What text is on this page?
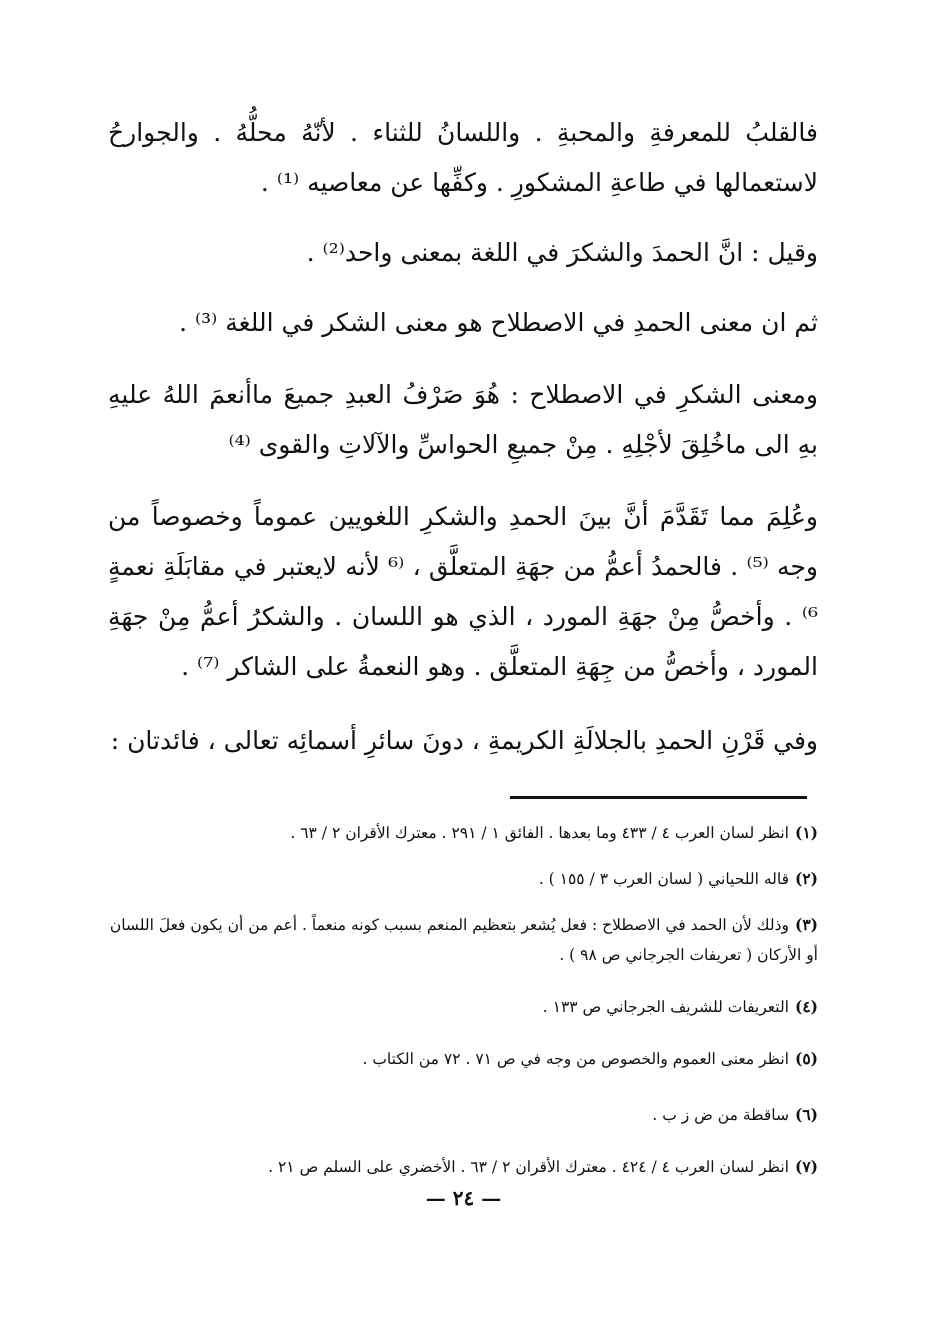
فالقلبُ للمعرفةِ والمحبةِ . واللسانُ للثناء . لأنّهُ محلُّهُ . والجوارحُ لاستعمالها في طاعةِ المشكورِ . وكفِّها عن معاصيه ⁽¹⁾ .

وقيل : انَّ الحمدَ والشكرَ في اللغة بمعنى واحد⁽²⁾ .

ثم ان معنى الحمدِ في الاصطلاح هو معنى الشكر في اللغة ⁽³⁾ .

ومعنى الشكرِ في الاصطلاح : هُوَ صَرْفُ العبدِ جميعَ ماأنعمَ اللهُ عليهِ بهِ الى ماخُلِقَ لأجْلِهِ . مِنْ جميعِ الحواسِّ والآلاتِ والقوى ⁽⁴⁾

وعُلِمَ مما تَقَدَّمَ أنَّ بينَ الحمدِ والشكرِ اللغويين عموماً وخصوصاً من وجه ⁽⁵⁾ . فالحمدُ أعمُّ من جهَةِ المتعلَّق ، ⁽⁶ لأنه لايعتبر في مقابَلَةِ نعمةٍ ⁶⁾ . وأخصُّ مِنْ جهَةِ المورد ، الذي هو اللسان . والشكرُ أعمُّ مِنْ جهَةِ المورد ، وأخصُّ من جِهَةِ المتعلَّق . وهو النعمةُ على الشاكر ⁽⁷⁾ .

وفي قَرْنِ الحمدِ بالجلالَةِ الكريمةِ ، دونَ سائرِ أسمائِه تعالى ، فائدتان :

(١)انظر لسان العرب ٤ / ٤٣٣ وما بعدها . الفائق ١ / ٢٩١ . معترك الأقران ٢ / ٦٣ .

(٢)قاله اللحياني ( لسان العرب ٣ / ١٥٥ ) .

(٣)وذلك لأن الحمد في الاصطلاح : فعل يُشعر بتعظيم المنعم بسبب كونه منعماً . أعم من أن يكون فعلَ اللسان أو الأركان ( تعريفات الجرجاني ص ٩٨ ) .

(٤)التعريفات للشريف الجرجاني ص ١٣٣ .

(٥)انظر معنى العموم والخصوص من وجه في ص ٧١ . ٧٢ من الكتاب .

(٦)ساقطة من ض ز ب .

(٧)انظر لسان العرب ٤ / ٤٢٤ . معترك الأقران ٢ / ٦٣ . الأخضري على السلم ص ٢١ .

— ٢٤ —
